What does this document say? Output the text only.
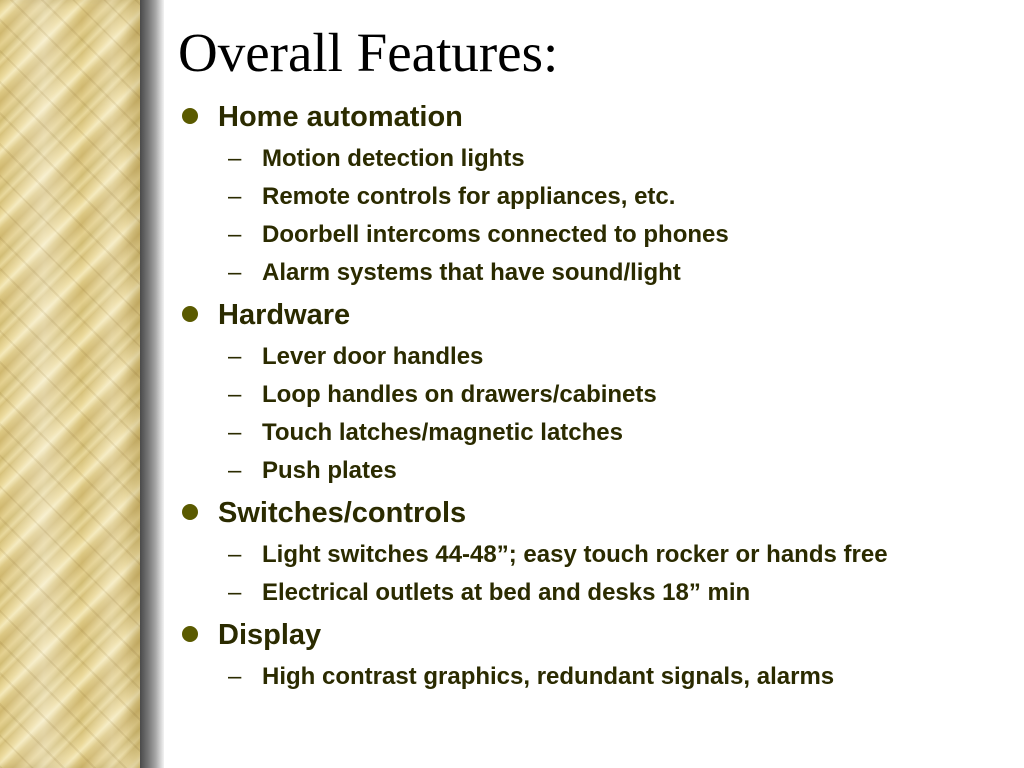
Overall Features:
Home automation
– Motion detection lights
– Remote controls for appliances, etc.
– Doorbell intercoms connected to phones
– Alarm systems that have sound/light
Hardware
– Lever door handles
– Loop handles on drawers/cabinets
– Touch latches/magnetic latches
– Push plates
Switches/controls
– Light switches 44-48”; easy touch rocker or hands free
– Electrical outlets at bed and desks 18” min
Display
– High contrast graphics, redundant signals, alarms
